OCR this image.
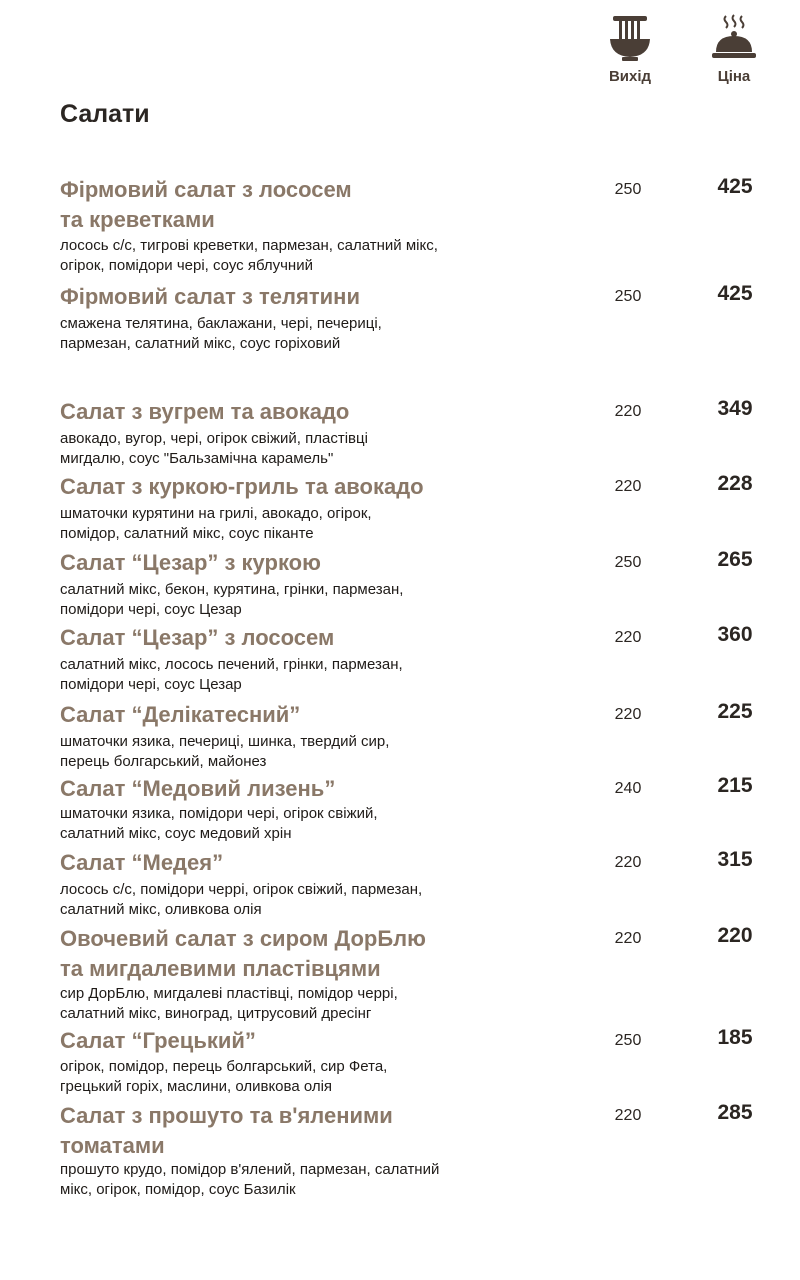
Вихід	Ціна
Салати
Фірмовий салат з лососем
та креветками
лосось с/с, тигрові креветки, пармезан, салатний мікс,
огірок, помідори чері, соус яблучний
250	425
Фірмовий салат з телятини
смажена телятина, баклажани, чері, печериці,
пармезан, салатний мікс, соус горіховий
250	425
Салат з вугрем та авокадо
авокадо, вугор, чері, огірок свіжий, пластівці
мигдалю, соус "Бальзамічна карамель"
220	349
Салат з куркою-гриль та авокадо
шматочки курятини на грилі, авокадо, огірок,
помідор, салатний мікс, соус піканте
220	228
Салат “Цезар” з куркою
салатний мікс, бекон, курятина, грінки, пармезан,
помідори чері, соус Цезар
250	265
Салат “Цезар” з лососем
салатний мікс, лосось печений, грінки, пармезан,
помідори чері, соус Цезар
220	360
Салат “Делікатесний”
шматочки язика, печериці, шинка, твердий сир,
перець болгарський, майонез
220	225
Салат “Медовий лизень”
шматочки язика, помідори чері, огірок свіжий,
салатний мікс, соус медовий хрін
240	215
Салат “Медея”
лосось с/с, помідори черрі, огірок свіжий, пармезан,
салатний мікс, оливкова олія
220	315
Овочевий салат з сиром ДорБлю
та мигдалевими пластівцями
сир ДорБлю, мигдалеві пластівці, помідор черрі,
салатний мікс, виноград, цитрусовий дресінг
220	220
Салат “Грецький”
огірок, помідор, перець болгарський, сир Фета,
грецький горіх, маслини, оливкова олія
250	185
Салат з прошуто та в'яленими
томатами
прошуто крудо, помідор в'ялений, пармезан, салатний
мікс, огірок, помідор, соус Базилік
220	285
